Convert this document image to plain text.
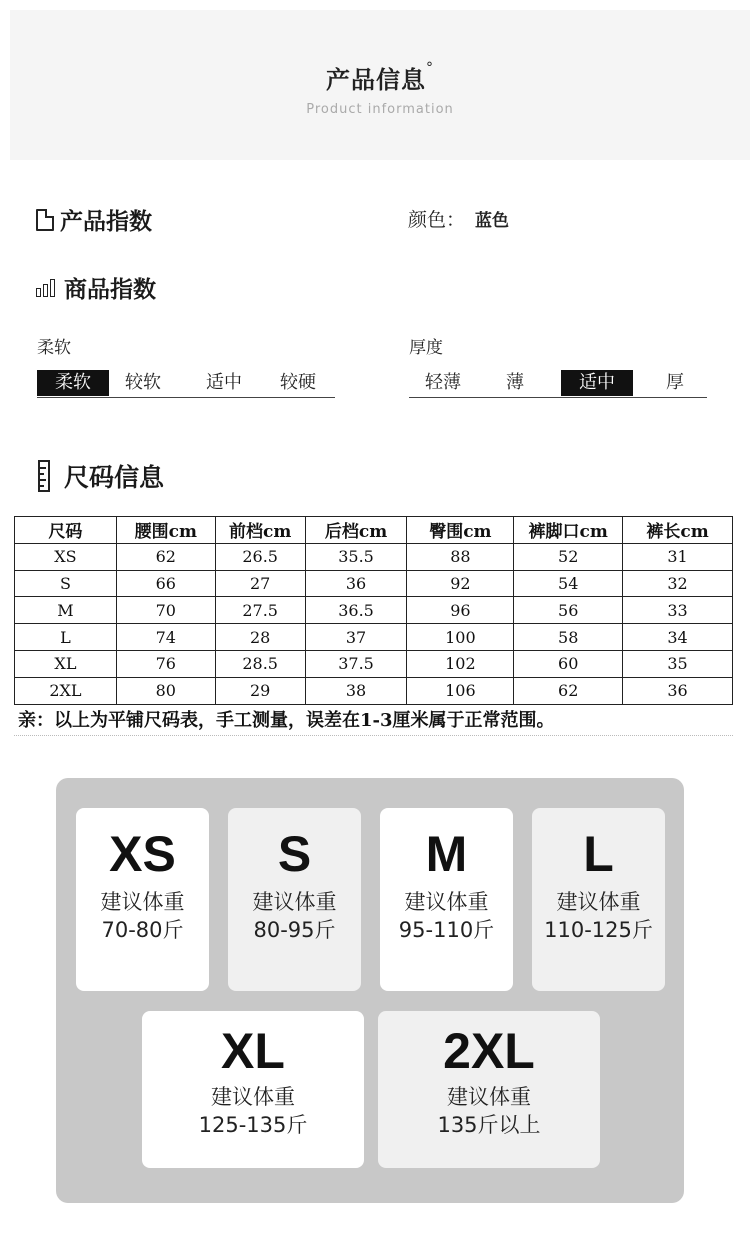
产品信息°
Product information
产品指数	颜色： 蓝色
商品指数
柔软
柔软	较软	适中	较硬
厚度
轻薄	薄	适中	厚
尺码信息
尺码	腰围cm	前档cm	后档cm	臀围cm	裤脚口cm	裤长cm
XS	62	26.5	35.5	88	52	31
S	66	27	36	92	54	32
M	70	27.5	36.5	96	56	33
L	74	28	37	100	58	34
XL	76	28.5	37.5	102	60	35
2XL	80	29	38	106	62	36
亲：以上为平铺尺码表，手工测量，误差在1-3厘米属于正常范围。
XS
建议体重
70-80斤
S
建议体重
80-95斤
M
建议体重
95-110斤
L
建议体重
110-125斤
XL
建议体重
125-135斤
2XL
建议体重
135斤以上
